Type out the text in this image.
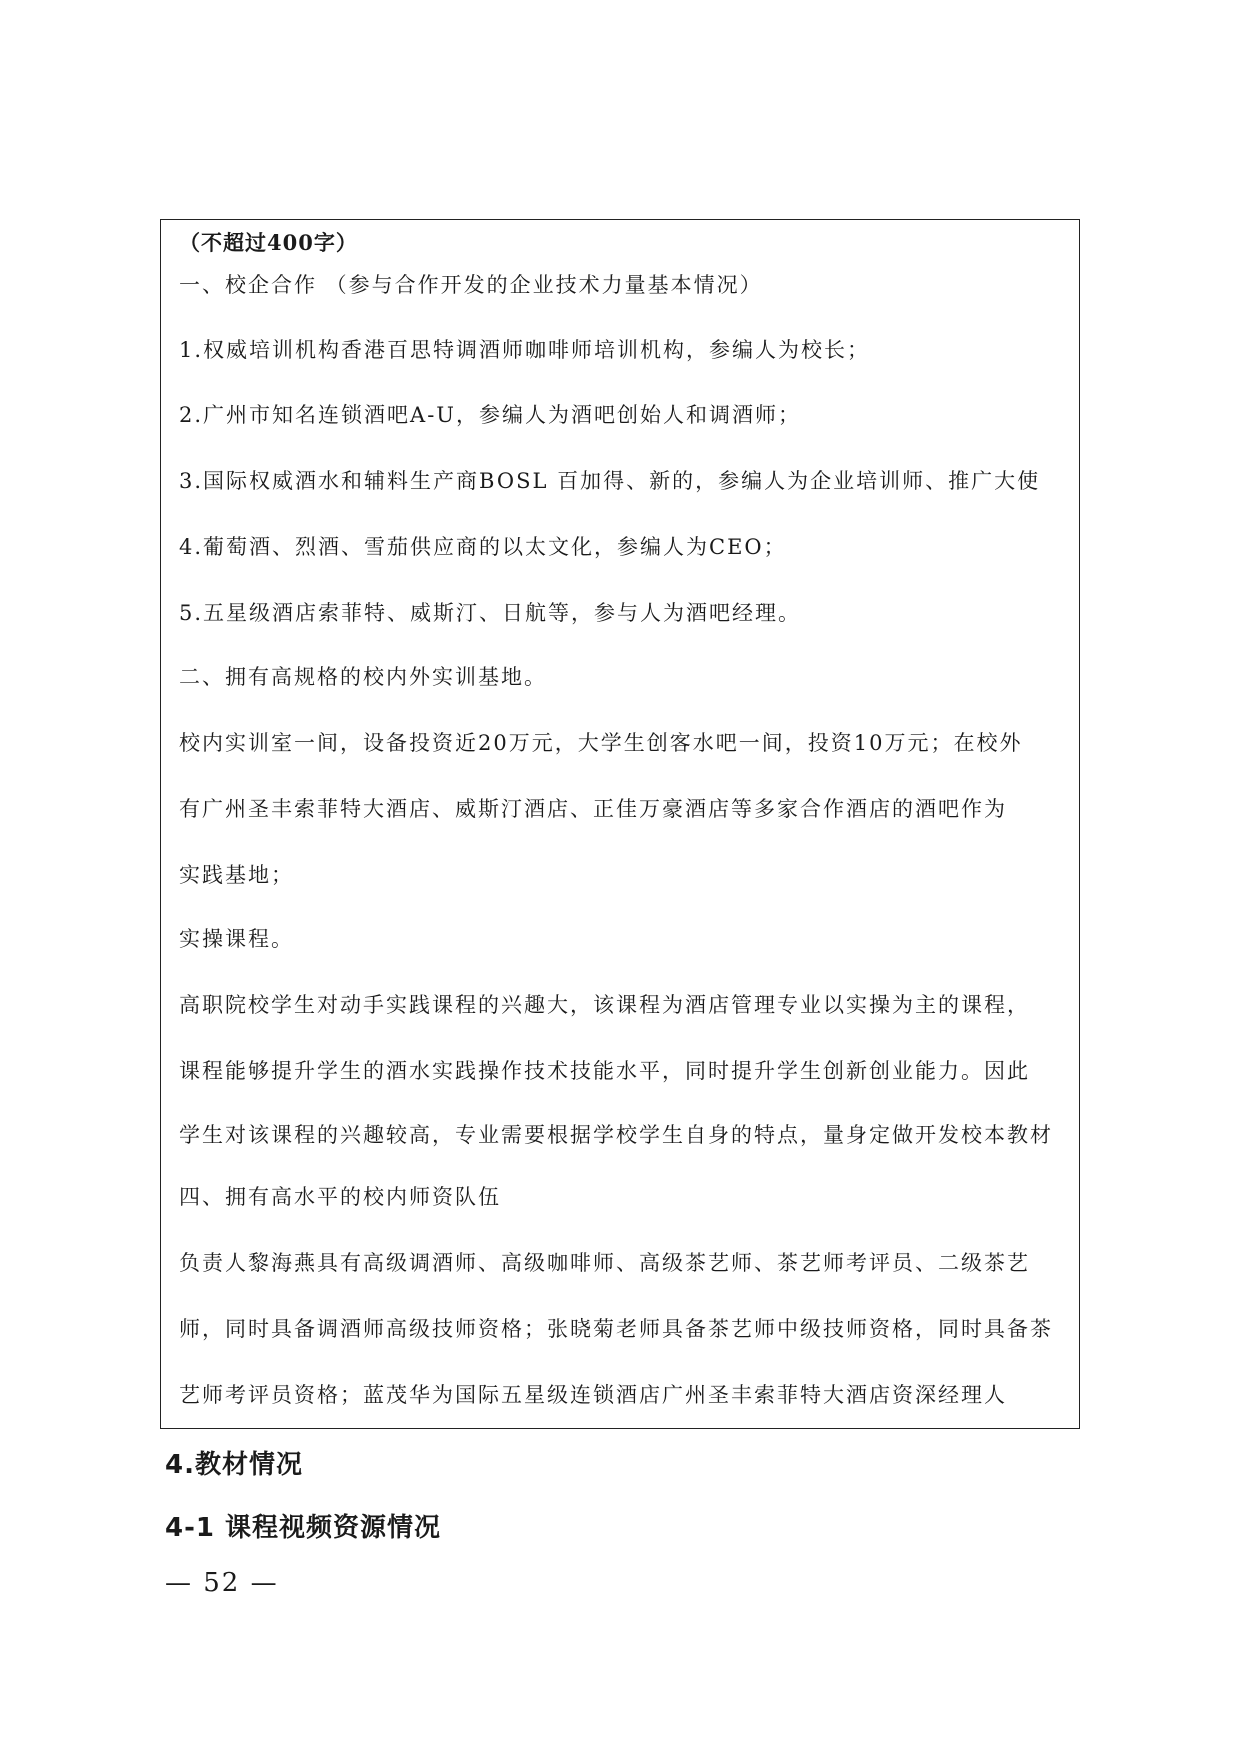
（不超过400字）
一、校企合作 （参与合作开发的企业技术力量基本情况）
1.权威培训机构香港百思特调酒师咖啡师培训机构，参编人为校长；
2.广州市知名连锁酒吧A-U，参编人为酒吧创始人和调酒师；
3.国际权威酒水和辅料生产商BOSL 百加得、新的，参编人为企业培训师、推广大使
4.葡萄酒、烈酒、雪茄供应商的以太文化，参编人为CEO；
5.五星级酒店索菲特、威斯汀、日航等，参与人为酒吧经理。
二、拥有高规格的校内外实训基地。
校内实训室一间，设备投资近20万元，大学生创客水吧一间，投资10万元；在校外
有广州圣丰索菲特大酒店、威斯汀酒店、正佳万豪酒店等多家合作酒店的酒吧作为
实践基地；
实操课程。
高职院校学生对动手实践课程的兴趣大，该课程为酒店管理专业以实操为主的课程，
课程能够提升学生的酒水实践操作技术技能水平，同时提升学生创新创业能力。因此
学生对该课程的兴趣较高，专业需要根据学校学生自身的特点，量身定做开发校本教材
四、拥有高水平的校内师资队伍
负责人黎海燕具有高级调酒师、高级咖啡师、高级茶艺师、茶艺师考评员、二级茶艺
师，同时具备调酒师高级技师资格；张晓菊老师具备茶艺师中级技师资格，同时具备茶
艺师考评员资格；蓝茂华为国际五星级连锁酒店广州圣丰索菲特大酒店资深经理人
4.教材情况
4-1 课程视频资源情况
— 52 —
